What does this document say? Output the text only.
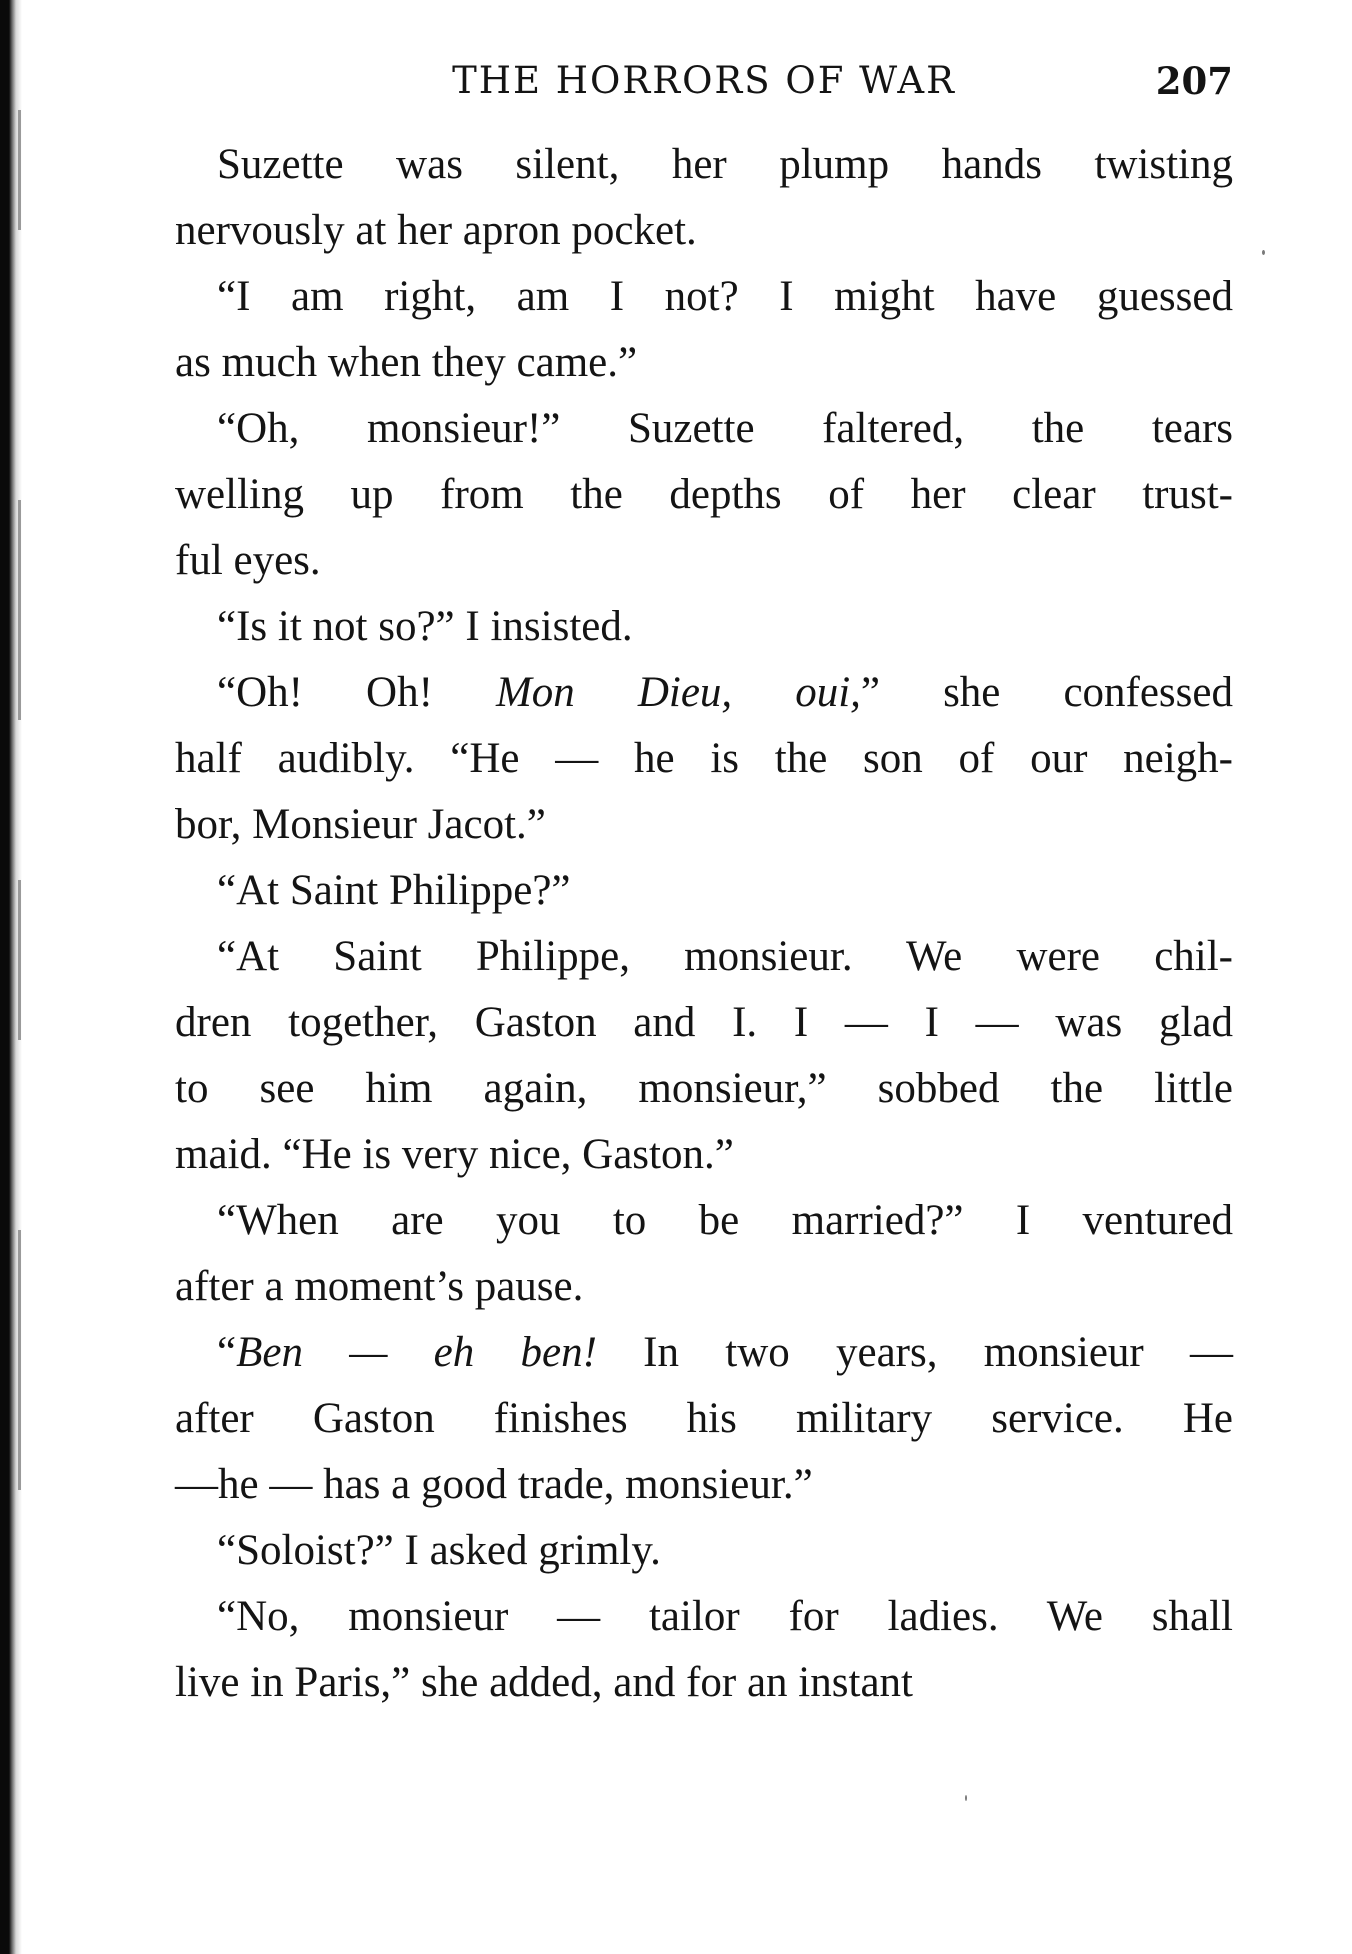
THE HORRORS OF WAR	207

Suzette was silent, her plump hands twisting
nervously at her apron pocket.

“I am right, am I not? I might have guessed
as much when they came.”

“Oh, monsieur!” Suzette faltered, the tears
welling up from the depths of her clear trust-
ful eyes.

“Is it not so?” I insisted.

“Oh! Oh! Mon Dieu, oui,” she confessed
half audibly. “He — he is the son of our neigh-
bor, Monsieur Jacot.”

“At Saint Philippe?”

“At Saint Philippe, monsieur. We were chil-
dren together, Gaston and I. I — I — was glad
to see him again, monsieur,” sobbed the little
maid. “He is very nice, Gaston.”

“When are you to be married?” I ventured
after a moment’s pause.

“Ben — eh ben! In two years, monsieur —
after Gaston finishes his military service. He
—he — has a good trade, monsieur.”

“Soloist?” I asked grimly.

“No, monsieur — tailor for ladies. We shall
live in Paris,” she added, and for an instant
